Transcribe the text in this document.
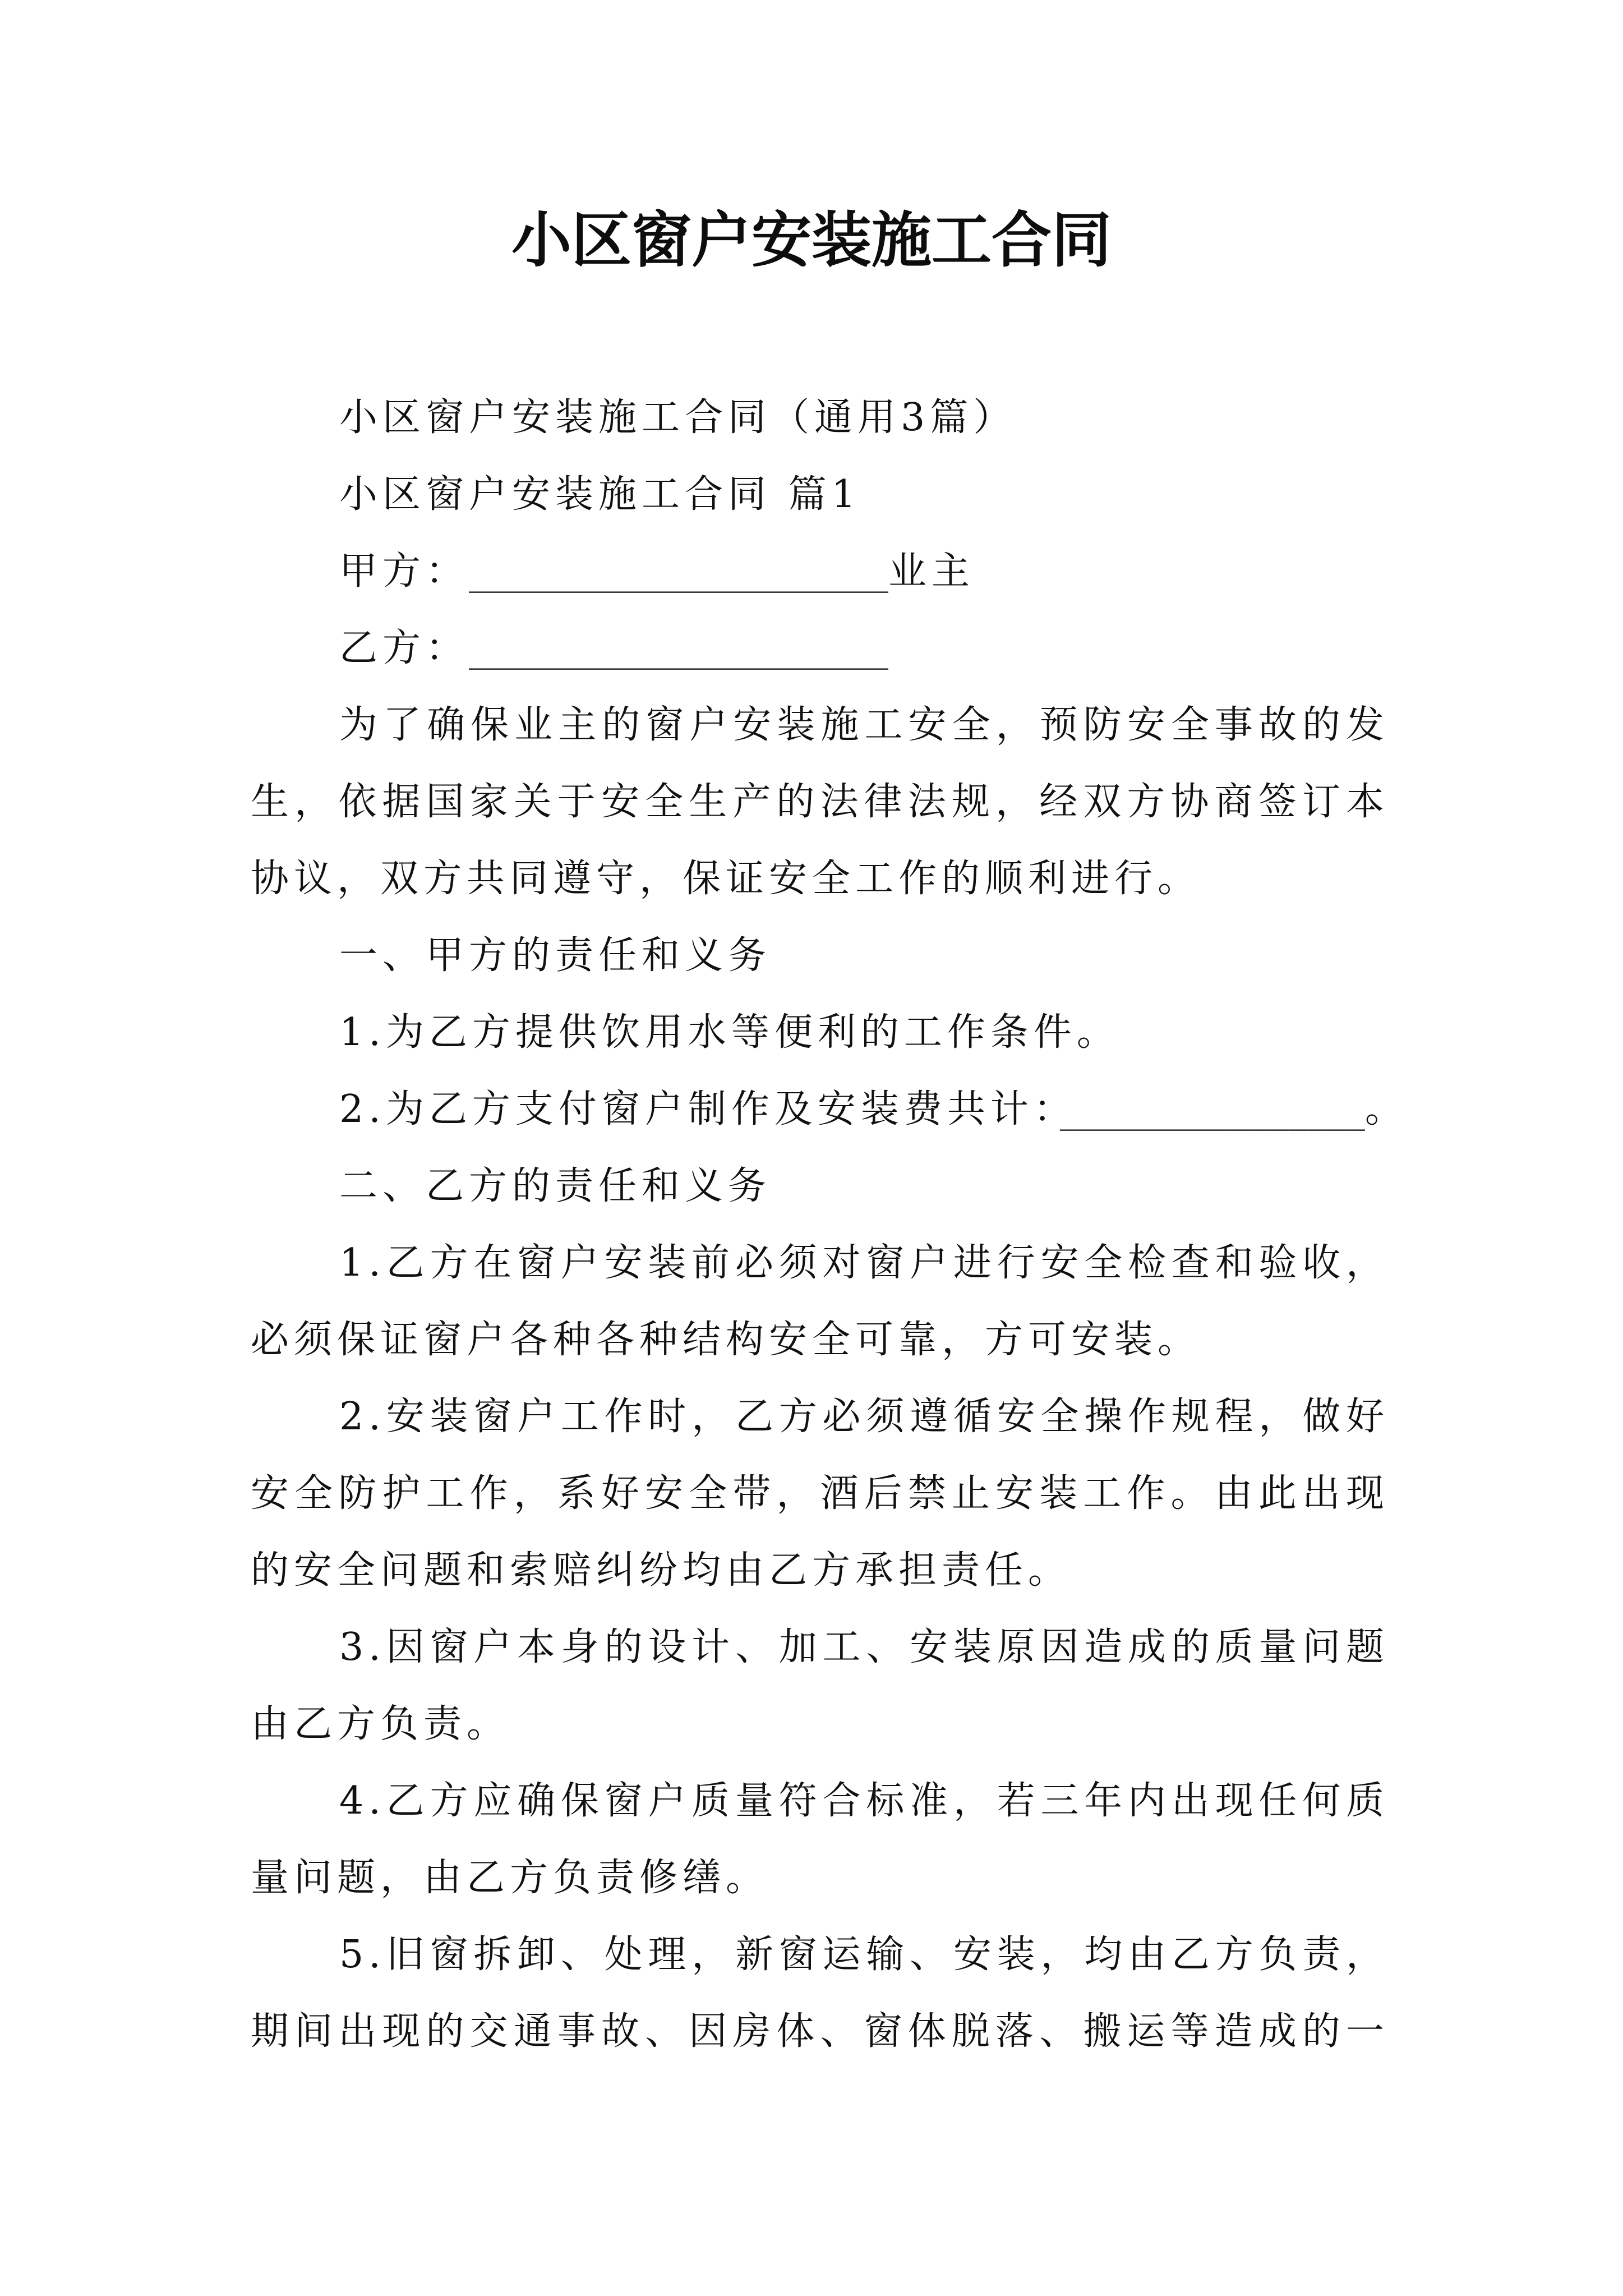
小区窗户安装施工合同
小区窗户安装施工合同（通用3篇）
小区窗户安装施工合同 篇1
甲方：______________________业主
乙方：______________________
为了确保业主的窗户安装施工安全，预防安全事故的发
生，依据国家关于安全生产的法律法规，经双方协商签订本
协议，双方共同遵守，保证安全工作的顺利进行。
一、甲方的责任和义务
1.为乙方提供饮用水等便利的工作条件。
2.为乙方支付窗户制作及安装费共计：________________。
二、乙方的责任和义务
1.乙方在窗户安装前必须对窗户进行安全检查和验收，
必须保证窗户各种各种结构安全可靠，方可安装。
2.安装窗户工作时，乙方必须遵循安全操作规程，做好
安全防护工作，系好安全带，酒后禁止安装工作。由此出现
的安全问题和索赔纠纷均由乙方承担责任。
3.因窗户本身的设计、加工、安装原因造成的质量问题
由乙方负责。
4.乙方应确保窗户质量符合标准，若三年内出现任何质
量问题，由乙方负责修缮。
5.旧窗拆卸、处理，新窗运输、安装，均由乙方负责，
期间出现的交通事故、因房体、窗体脱落、搬运等造成的一
